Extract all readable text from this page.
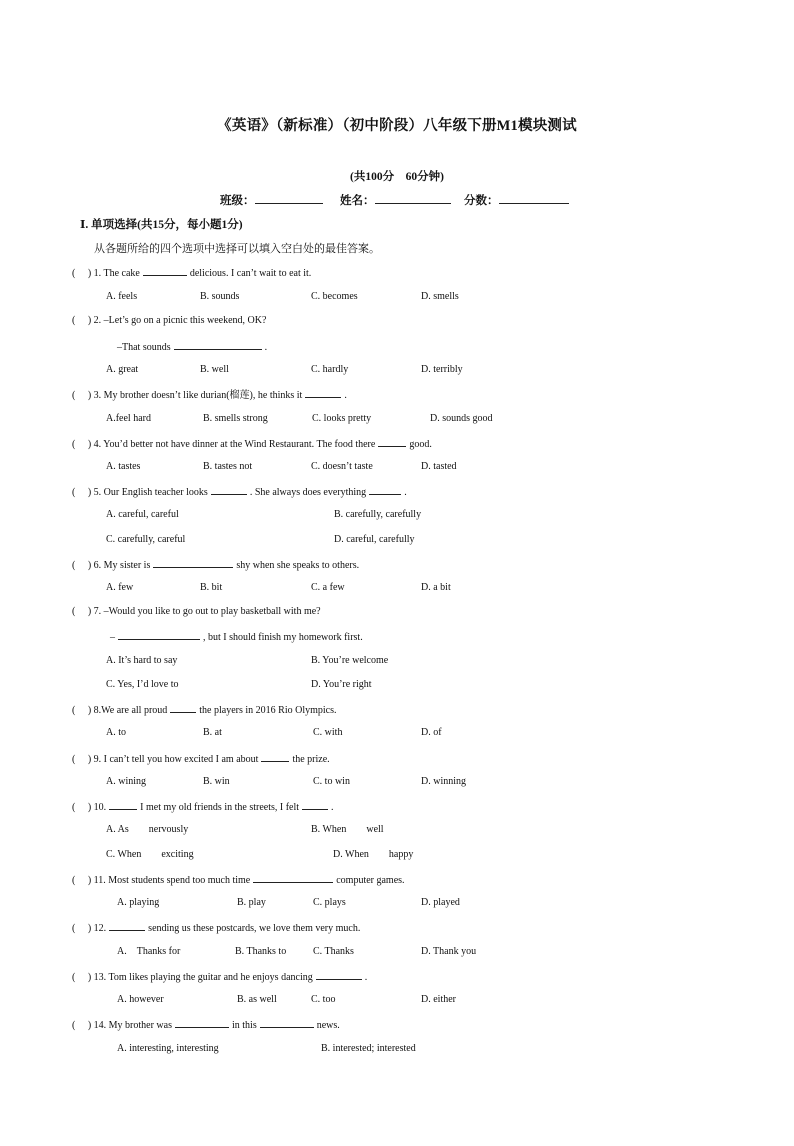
《英语》（新标准）（初中阶段）八年级下册M1模块测试
(共100分　60分钟)
班级：	姓名：	分数：
Ⅰ. 单项选择(共15分，每小题1分)
从各题所给的四个选项中选择可以填入空白处的最佳答案。
(　 ) 1. The cake	delicious. I can’t wait to eat it.
A. feels	B. sounds	C. becomes	D. smells
(　 ) 2. –Let’s go on a picnic this weekend, OK?
–That sounds	.
A. great	B. well	C. hardly	D. terribly
(　 ) 3. My brother doesn’t like durian(榴莲), he thinks it	.
A.feel hard	B. smells strong	C. looks pretty	D. sounds good
(　 ) 4. You’d better not have dinner at the Wind Restaurant. The food there	good.
A. tastes	B. tastes not	C. doesn’t taste	D. tasted
(　 ) 5. Our English teacher looks	. She always does everything	.
A. careful, careful	B. carefully, carefully
C. carefully, careful	D. careful, carefully
(　 ) 6. My sister is	shy when she speaks to others.
A. few	B. bit	C. a few	D. a bit
(　 ) 7. –Would you like to go out to play basketball with me?
–	, but I should finish my homework first.
A. It’s hard to say	B. You’re welcome
C. Yes, I’d love to	D. You’re right
(　 ) 8.We are all proud	the players in 2016 Rio Olympics.
A. to	B. at	C. with	D. of
(　 ) 9. I can’t tell you how excited I am about	the prize.
A. wining	B. win	C. to win	D. winning
(　 ) 10.	I met my old friends in the streets, I felt	.
A. As　　nervously	B. When　　well
C. When　　exciting	D. When　　happy
(　 ) 11. Most students spend too much time	computer games.
A. playing	B. play	C. plays	D. played
(　 ) 12.	sending us these postcards, we love them very much.
A.　Thanks for	B. Thanks to	C. Thanks	D. Thank you
(　 ) 13. Tom likes playing the guitar and he enjoys dancing	.
A. however	B. as well	C. too	D. either
(　 ) 14. My brother was	in this	news.
A. interesting, interesting	B. interested; interested
